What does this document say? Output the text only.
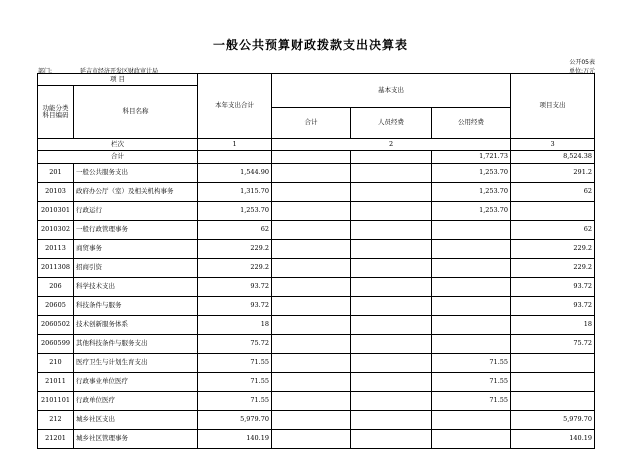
一般公共预算财政拨款支出决算表
公开05表
部门:	延吉市经济开发区财政审计局	单位:万元
项 目		本年支出合计	基本支出			项目支出
功能分类科目编码	科目名称					
			合计	人员经费	公用经费	
栏次		1	2			3
合计					1,721.73	8,524.38
201	一般公共服务支出	1,544.90			1,253.70	291.2
20103	政府办公厅（室）及相关机构事务	1,315.70			1,253.70	62
2010301	行政运行	1,253.70			1,253.70	
2010302	一般行政管理事务	62				62
20113	商贸事务	229.2				229.2
2011308	招商引资	229.2				229.2
206	科学技术支出	93.72				93.72
20605	科技条件与服务	93.72				93.72
2060502	技术创新服务体系	18				18
2060599	其他科技条件与服务支出	75.72				75.72
210	医疗卫生与计划生育支出	71.55			71.55	
21011	行政事业单位医疗	71.55			71.55	
2101101	行政单位医疗	71.55			71.55	
212	城乡社区支出	5,979.70				5,979.70
21201	城乡社区管理事务	140.19				140.19
